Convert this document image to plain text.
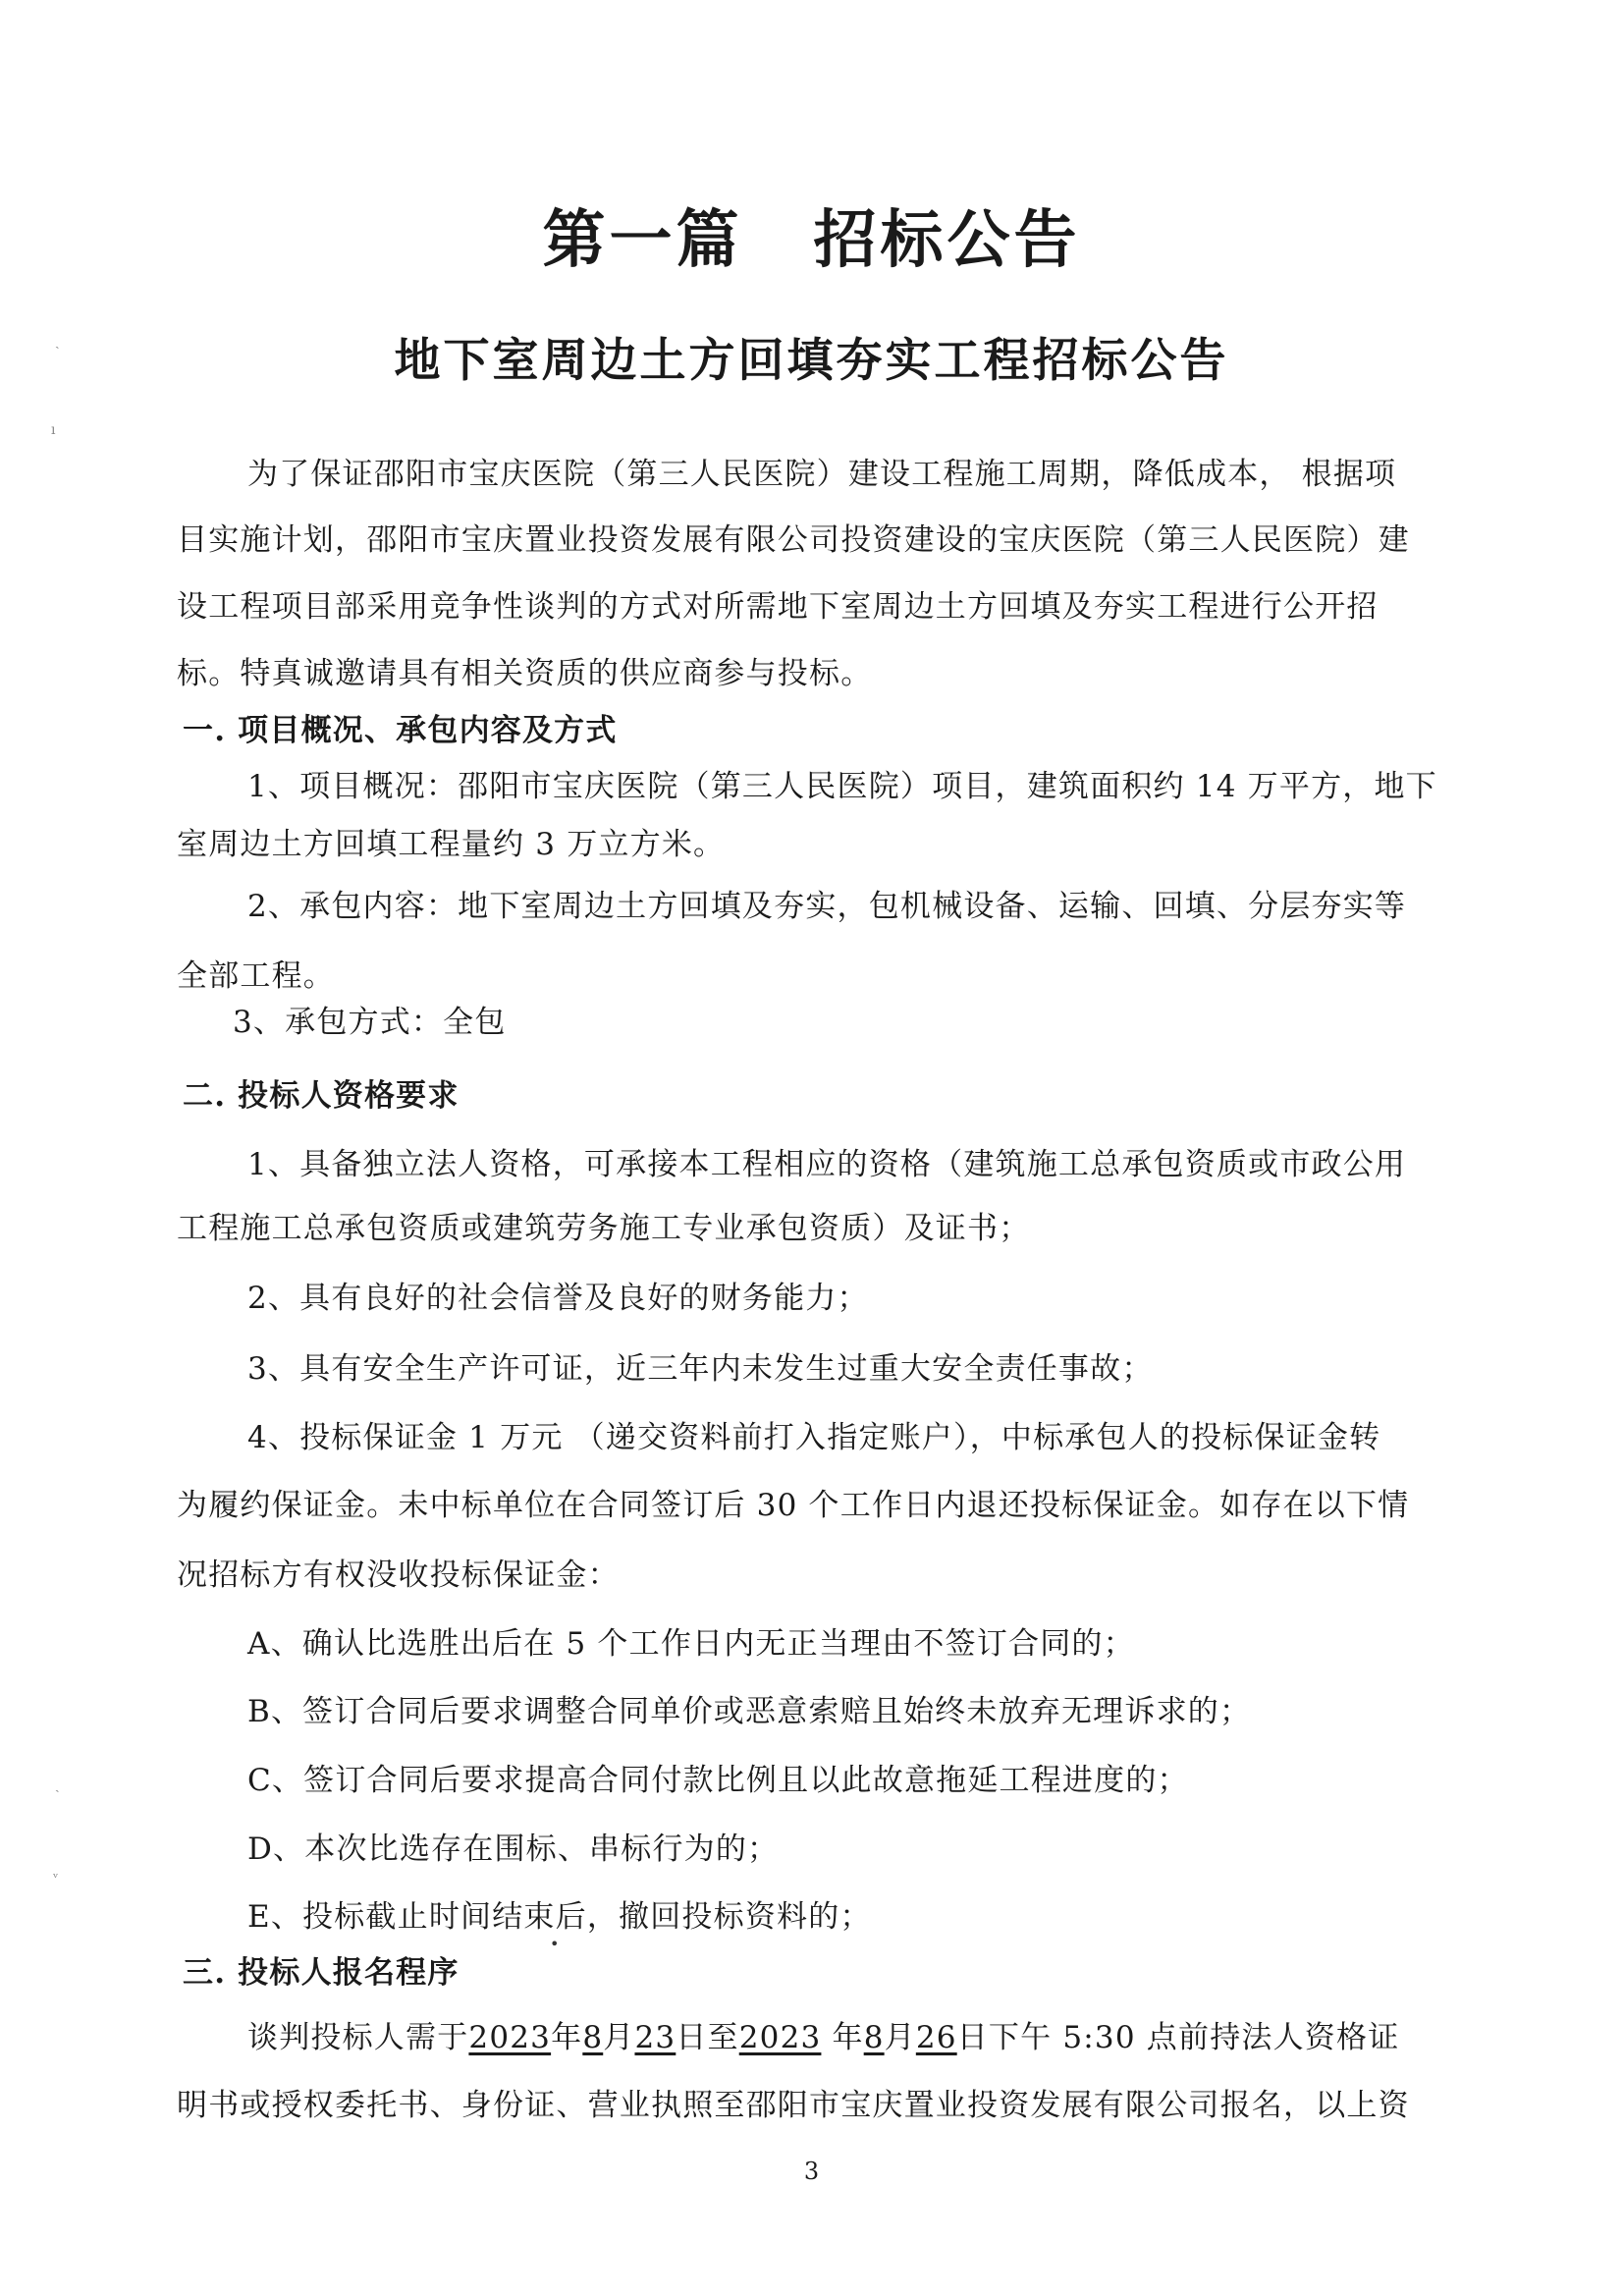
第一篇 招标公告
地下室周边土方回填夯实工程招标公告
为了保证邵阳市宝庆医院（第三人民医院）建设工程施工周期，降低成本， 根据项
目实施计划，邵阳市宝庆置业投资发展有限公司投资建设的宝庆医院（第三人民医院）建
设工程项目部采用竞争性谈判的方式对所需地下室周边土方回填及夯实工程进行公开招
标。特真诚邀请具有相关资质的供应商参与投标。
一. 项目概况、承包内容及方式
1、项目概况：邵阳市宝庆医院（第三人民医院）项目，建筑面积约 14 万平方，地下
室周边土方回填工程量约 3 万立方米。
2、承包内容：地下室周边土方回填及夯实，包机械设备、运输、回填、分层夯实等
全部工程。
3、承包方式：全包
二. 投标人资格要求
1、具备独立法人资格，可承接本工程相应的资格（建筑施工总承包资质或市政公用
工程施工总承包资质或建筑劳务施工专业承包资质）及证书；
2、具有良好的社会信誉及良好的财务能力；
3、具有安全生产许可证，近三年内未发生过重大安全责任事故；
4、投标保证金 1 万元 （递交资料前打入指定账户），中标承包人的投标保证金转
为履约保证金。未中标单位在合同签订后 30 个工作日内退还投标保证金。如存在以下情
况招标方有权没收投标保证金：
A、确认比选胜出后在 5 个工作日内无正当理由不签订合同的；
B、签订合同后要求调整合同单价或恶意索赔且始终未放弃无理诉求的；
C、签订合同后要求提高合同付款比例且以此故意拖延工程进度的；
D、本次比选存在围标、串标行为的；
E、投标截止时间结束后，撤回投标资料的；
三. 投标人报名程序
谈判投标人需于2023年8月23日至2023 年8月26日下午 5:30 点前持法人资格证
明书或授权委托书、身份证、营业执照至邵阳市宝庆置业投资发展有限公司报名，以上资
3
ˎ
ı
ˎ
ᵥ
•
